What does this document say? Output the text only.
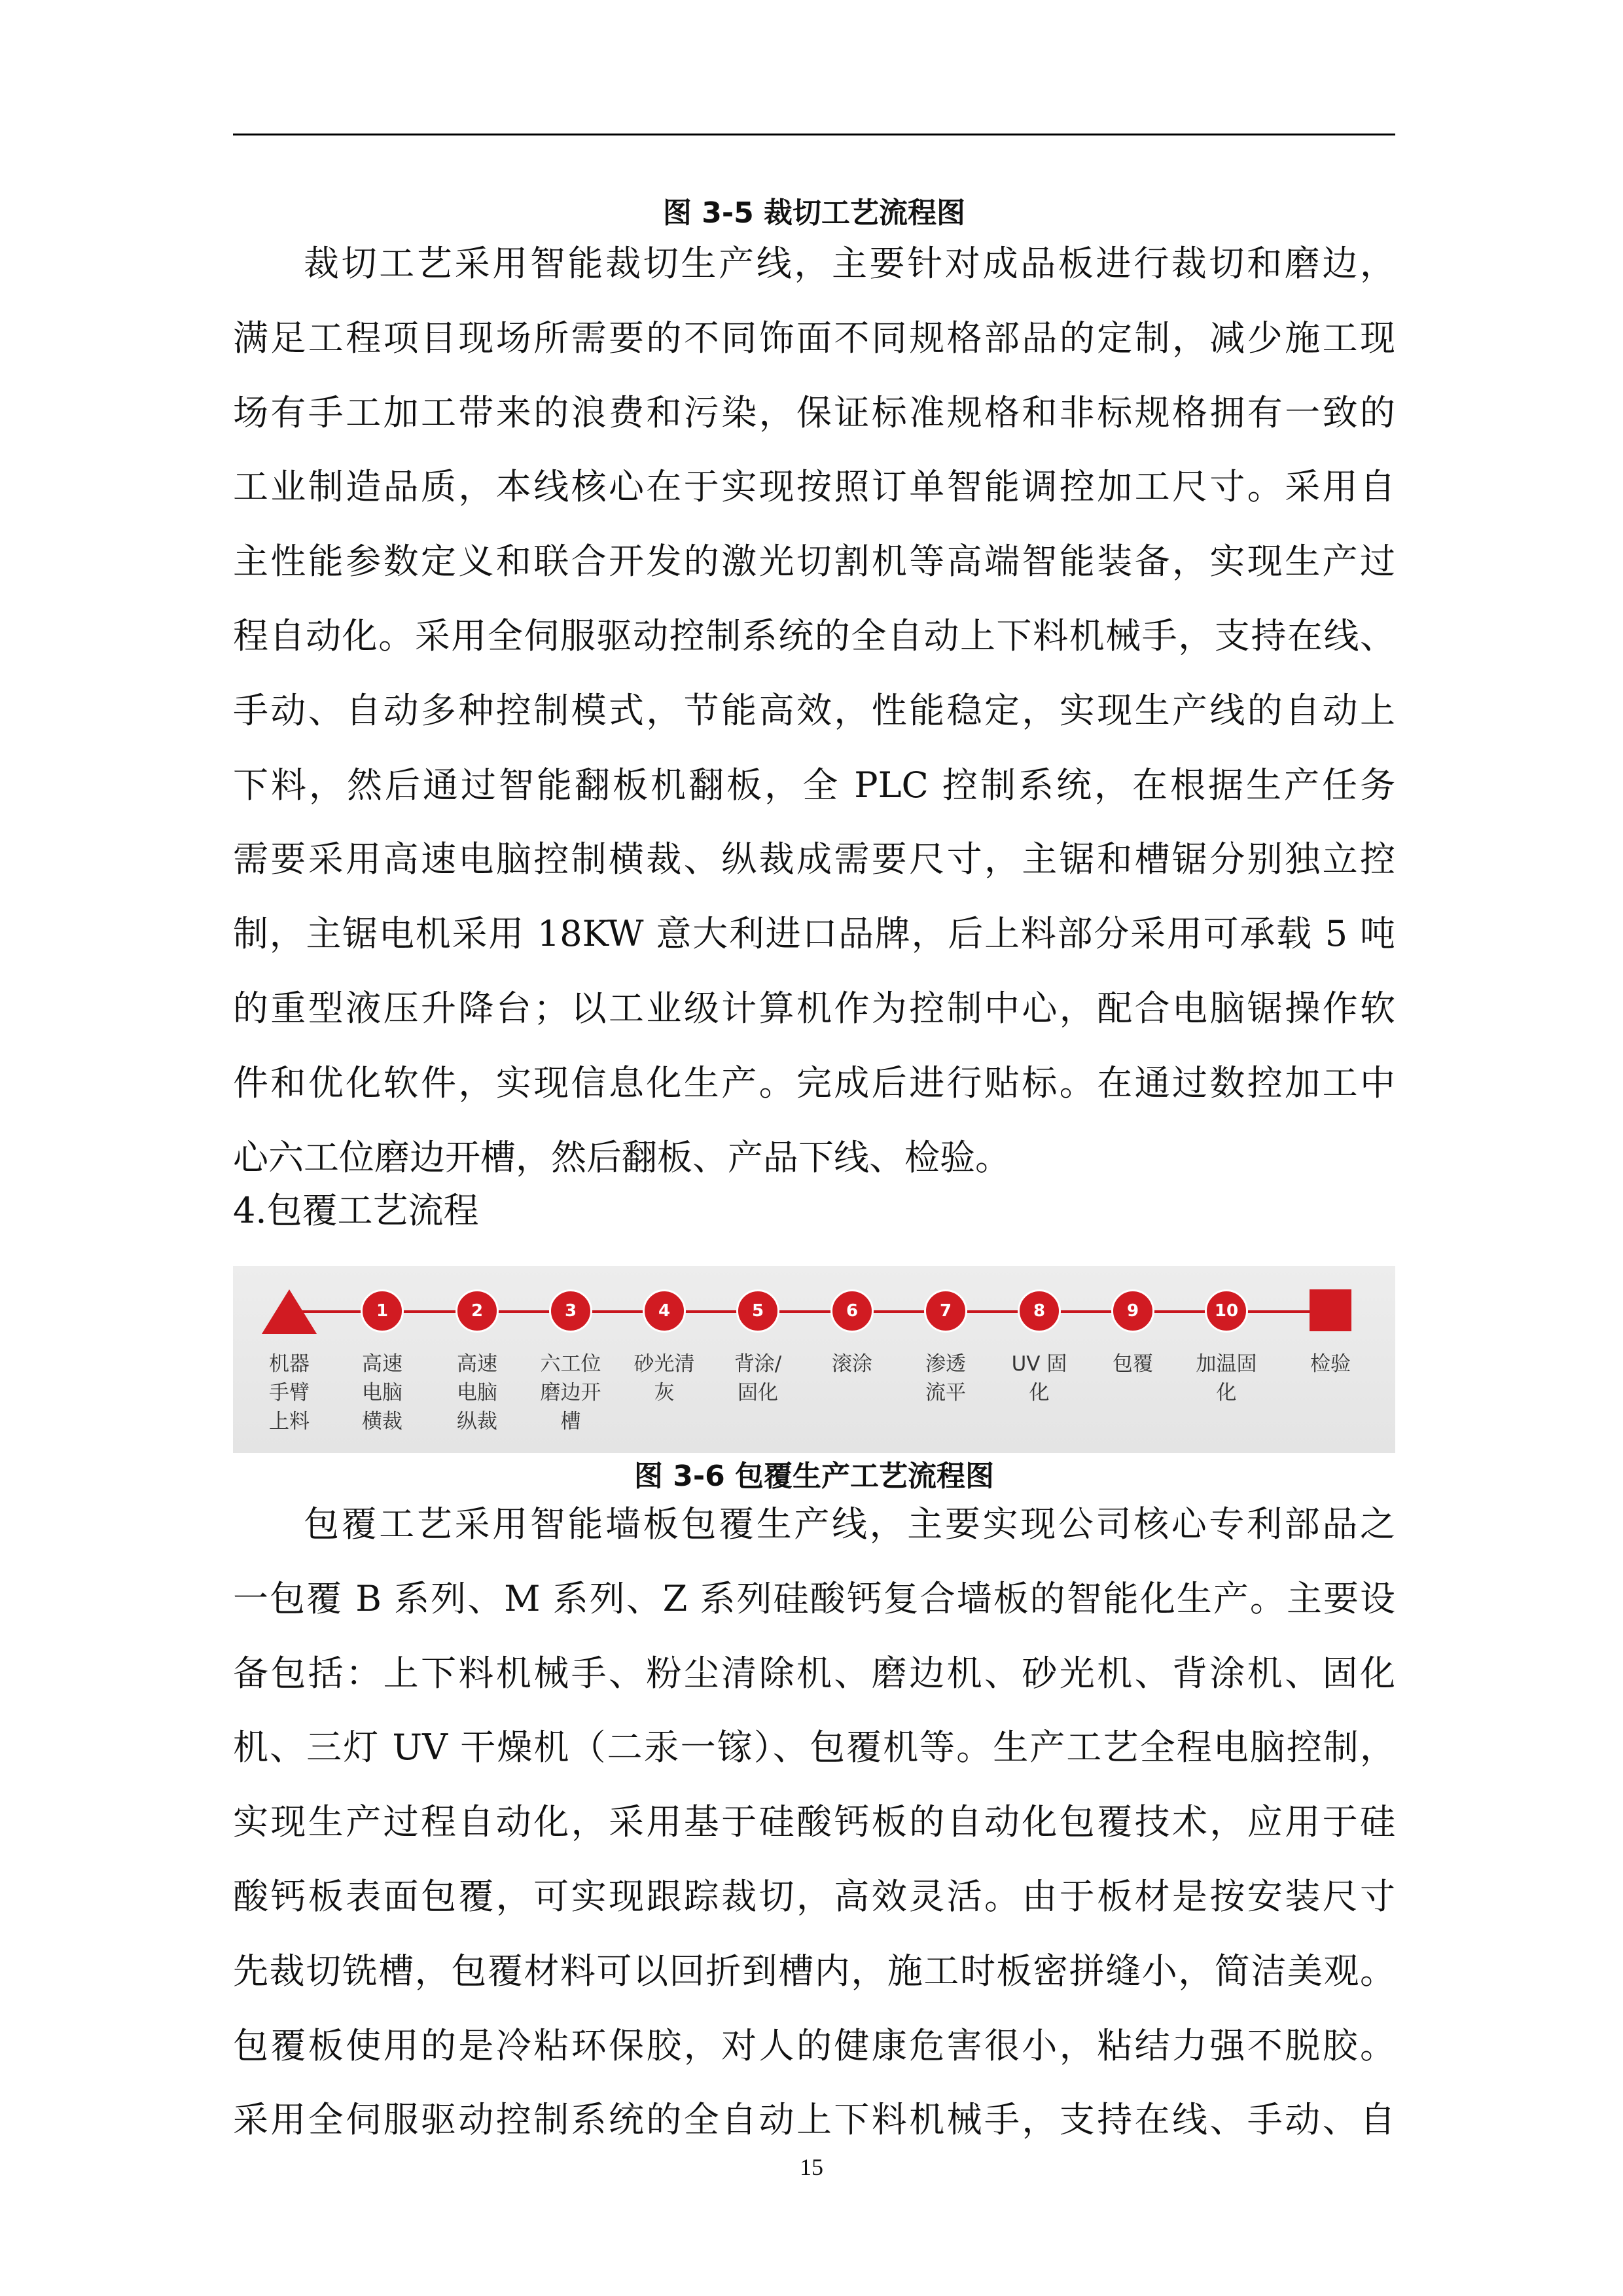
图 3-5 裁切工艺流程图
裁切工艺采用智能裁切生产线，主要针对成品板进行裁切和磨边，
满足工程项目现场所需要的不同饰面不同规格部品的定制，减少施工现
场有手工加工带来的浪费和污染，保证标准规格和非标规格拥有一致的
工业制造品质，本线核心在于实现按照订单智能调控加工尺寸。采用自
主性能参数定义和联合开发的激光切割机等高端智能装备，实现生产过
程自动化。采用全伺服驱动控制系统的全自动上下料机械手，支持在线、
手动、自动多种控制模式，节能高效，性能稳定，实现生产线的自动上
下料，然后通过智能翻板机翻板，全 PLC 控制系统，在根据生产任务
需要采用高速电脑控制横裁、纵裁成需要尺寸，主锯和槽锯分别独立控
制，主锯电机采用 18KW 意大利进口品牌，后上料部分采用可承载 5 吨
的重型液压升降台；以工业级计算机作为控制中心，配合电脑锯操作软
件和优化软件，实现信息化生产。完成后进行贴标。在通过数控加工中
心六工位磨边开槽，然后翻板、产品下线、检验。
4.包覆工艺流程
机器
手臂
上料
1
高速
电脑
横裁
2
高速
电脑
纵裁
3
六工位
磨边开
槽
4
砂光清
灰
5
背涂/
固化
6
滚涂
7
渗透
流平
8
UV 固
化
9
包覆
10
加温固
化
检验
图 3-6 包覆生产工艺流程图
包覆工艺采用智能墙板包覆生产线，主要实现公司核心专利部品之
一包覆 B 系列、M 系列、Z 系列硅酸钙复合墙板的智能化生产。主要设
备包括：上下料机械手、粉尘清除机、磨边机、砂光机、背涂机、固化
机、三灯 UV 干燥机（二汞一镓）、包覆机等。生产工艺全程电脑控制，
实现生产过程自动化，采用基于硅酸钙板的自动化包覆技术，应用于硅
酸钙板表面包覆，可实现跟踪裁切，高效灵活。由于板材是按安装尺寸
先裁切铣槽，包覆材料可以回折到槽内，施工时板密拼缝小，简洁美观。
包覆板使用的是冷粘环保胶，对人的健康危害很小，粘结力强不脱胶。
采用全伺服驱动控制系统的全自动上下料机械手，支持在线、手动、自
15
